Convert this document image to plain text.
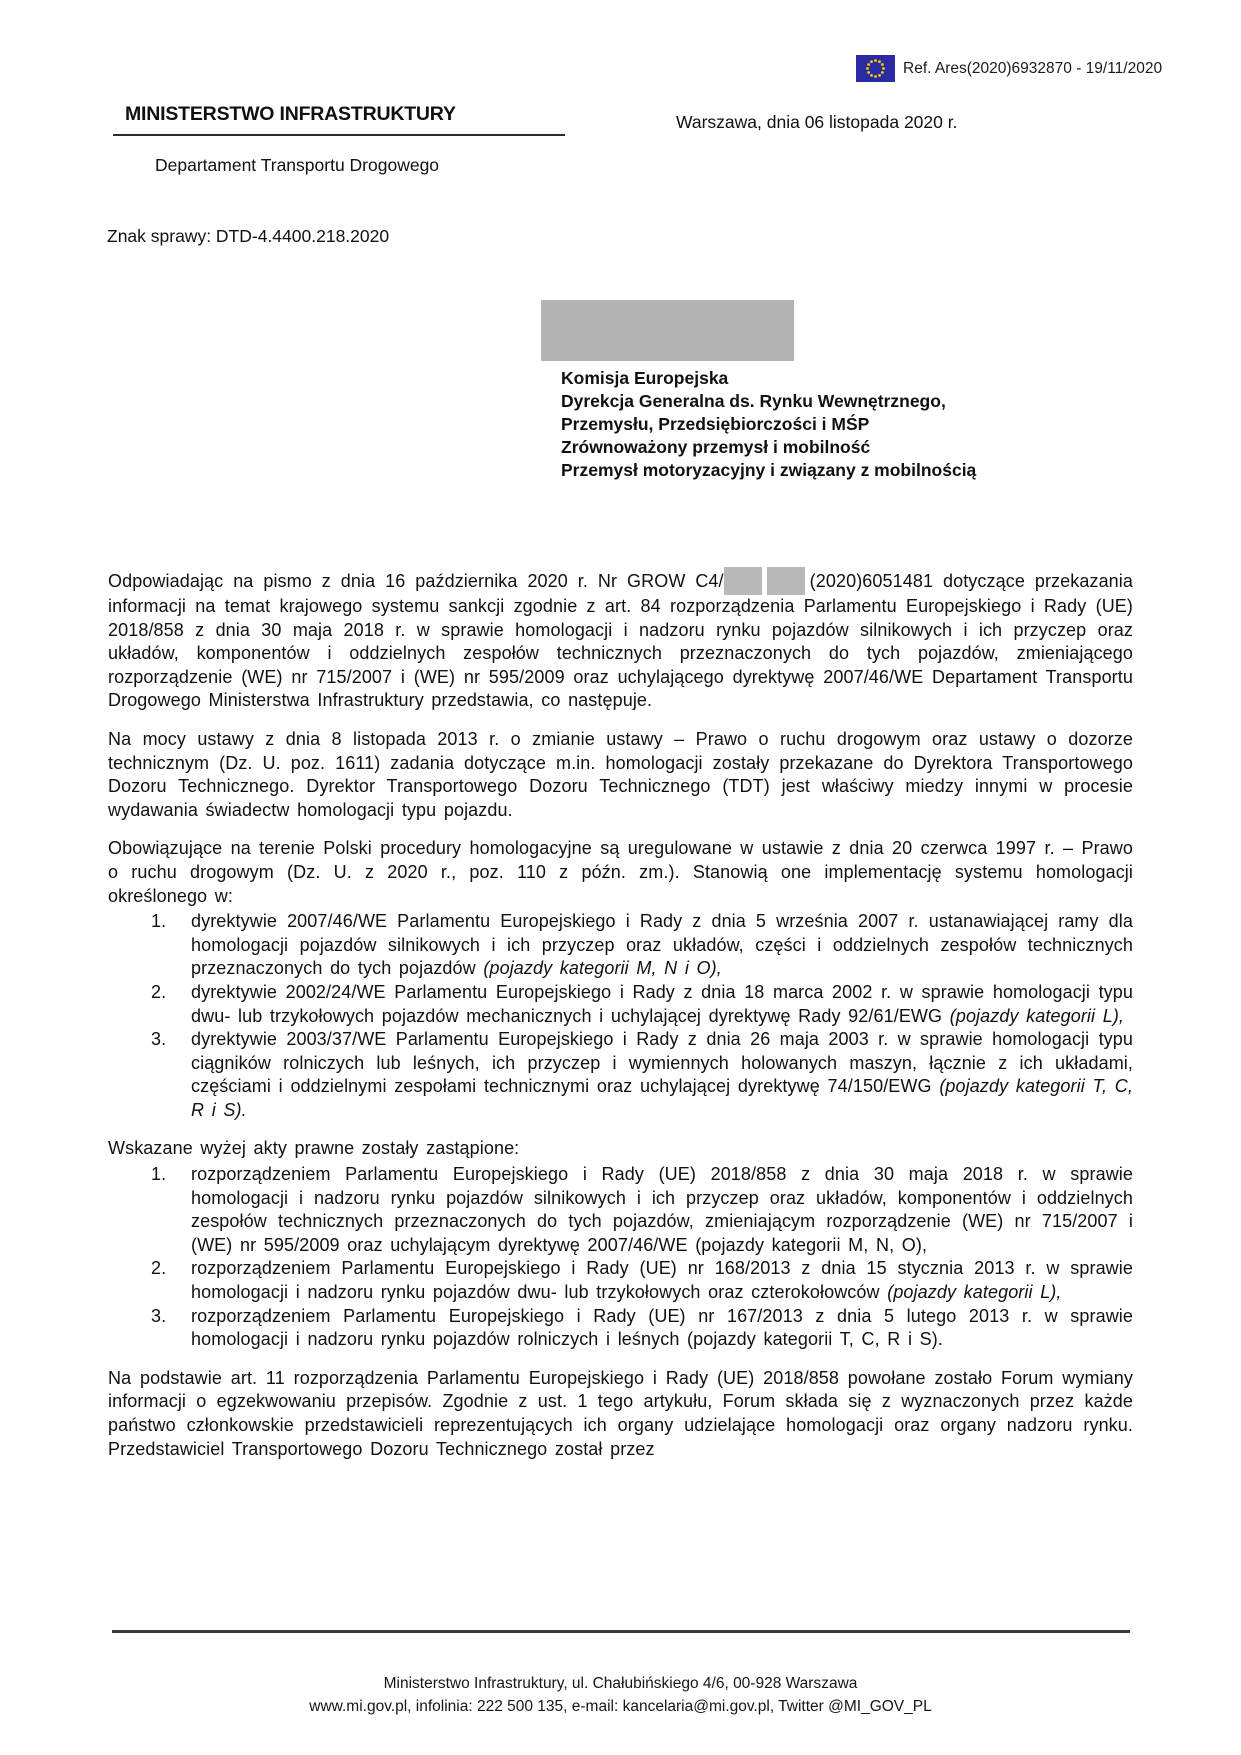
Ref. Ares(2020)6932870 - 19/11/2020
MINISTERSTWO INFRASTRUKTURY	Warszawa, dnia 06 listopada 2020 r.
Departament Transportu Drogowego
Znak sprawy: DTD-4.4400.218.2020
Komisja Europejska
Dyrekcja Generalna ds. Rynku Wewnętrznego,
Przemysłu, Przedsiębiorczości i MŚP
Zrównoważony przemysł i mobilność
Przemysł motoryzacyjny i związany z mobilnością

Odpowiadając na pismo z dnia 16 października 2020 r. Nr GROW C4/	(2020)6051481 dotyczące przekazania informacji na temat krajowego systemu sankcji zgodnie z art. 84 rozporządzenia Parlamentu Europejskiego i Rady (UE) 2018/858 z dnia 30 maja 2018 r. w sprawie homologacji i nadzoru rynku pojazdów silnikowych i ich przyczep oraz układów, komponentów i oddzielnych zespołów technicznych przeznaczonych do tych pojazdów, zmieniającego rozporządzenie (WE) nr 715/2007 i (WE) nr 595/2009 oraz uchylającego dyrektywę 2007/46/WE Departament Transportu Drogowego Ministerstwa Infrastruktury przedstawia, co następuje.

Na mocy ustawy z dnia 8 listopada 2013 r. o zmianie ustawy – Prawo o ruchu drogowym oraz ustawy o dozorze technicznym (Dz. U. poz. 1611) zadania dotyczące m.in. homologacji zostały przekazane do Dyrektora Transportowego Dozoru Technicznego. Dyrektor Transportowego Dozoru Technicznego (TDT) jest właściwy miedzy innymi w procesie wydawania świadectw homologacji typu pojazdu.

Obowiązujące na terenie Polski procedury homologacyjne są uregulowane w ustawie z dnia 20 czerwca 1997 r. – Prawo o ruchu drogowym (Dz. U. z 2020 r., poz. 110 z późn. zm.). Stanowią one implementację systemu homologacji określonego w:

1. dyrektywie 2007/46/WE Parlamentu Europejskiego i Rady z dnia 5 września 2007 r. ustanawiającej ramy dla homologacji pojazdów silnikowych i ich przyczep oraz układów, części i oddzielnych zespołów technicznych przeznaczonych do tych pojazdów (pojazdy kategorii M, N i O),
2. dyrektywie 2002/24/WE Parlamentu Europejskiego i Rady z dnia 18 marca 2002 r. w sprawie homologacji typu dwu- lub trzykołowych pojazdów mechanicznych i uchylającej dyrektywę Rady 92/61/EWG (pojazdy kategorii L),
3. dyrektywie 2003/37/WE Parlamentu Europejskiego i Rady z dnia 26 maja 2003 r. w sprawie homologacji typu ciągników rolniczych lub leśnych, ich przyczep i wymiennych holowanych maszyn, łącznie z ich układami, częściami i oddzielnymi zespołami technicznymi oraz uchylającej dyrektywę 74/150/EWG (pojazdy kategorii T, C, R i S).

Wskazane wyżej akty prawne zostały zastąpione:

1. rozporządzeniem Parlamentu Europejskiego i Rady (UE) 2018/858 z dnia 30 maja 2018 r. w sprawie homologacji i nadzoru rynku pojazdów silnikowych i ich przyczep oraz układów, komponentów i oddzielnych zespołów technicznych przeznaczonych do tych pojazdów, zmieniającym rozporządzenie (WE) nr 715/2007 i (WE) nr 595/2009 oraz uchylającym dyrektywę 2007/46/WE (pojazdy kategorii M, N, O),
2. rozporządzeniem Parlamentu Europejskiego i Rady (UE) nr 168/2013 z dnia 15 stycznia 2013 r. w sprawie homologacji i nadzoru rynku pojazdów dwu- lub trzykołowych oraz czterokołowców (pojazdy kategorii L),
3. rozporządzeniem Parlamentu Europejskiego i Rady (UE) nr 167/2013 z dnia 5 lutego 2013 r. w sprawie homologacji i nadzoru rynku pojazdów rolniczych i leśnych (pojazdy kategorii T, C, R i S).

Na podstawie art. 11 rozporządzenia Parlamentu Europejskiego i Rady (UE) 2018/858 powołane zostało Forum wymiany informacji o egzekwowaniu przepisów. Zgodnie z ust. 1 tego artykułu, Forum składa się z wyznaczonych przez każde państwo członkowskie przedstawicieli reprezentujących ich organy udzielające homologacji oraz organy nadzoru rynku. Przedstawiciel Transportowego Dozoru Technicznego został przez

Ministerstwo Infrastruktury, ul. Chałubińskiego 4/6, 00-928 Warszawa
www.mi.gov.pl, infolinia: 222 500 135, e-mail: kancelaria@mi.gov.pl, Twitter @MI_GOV_PL
